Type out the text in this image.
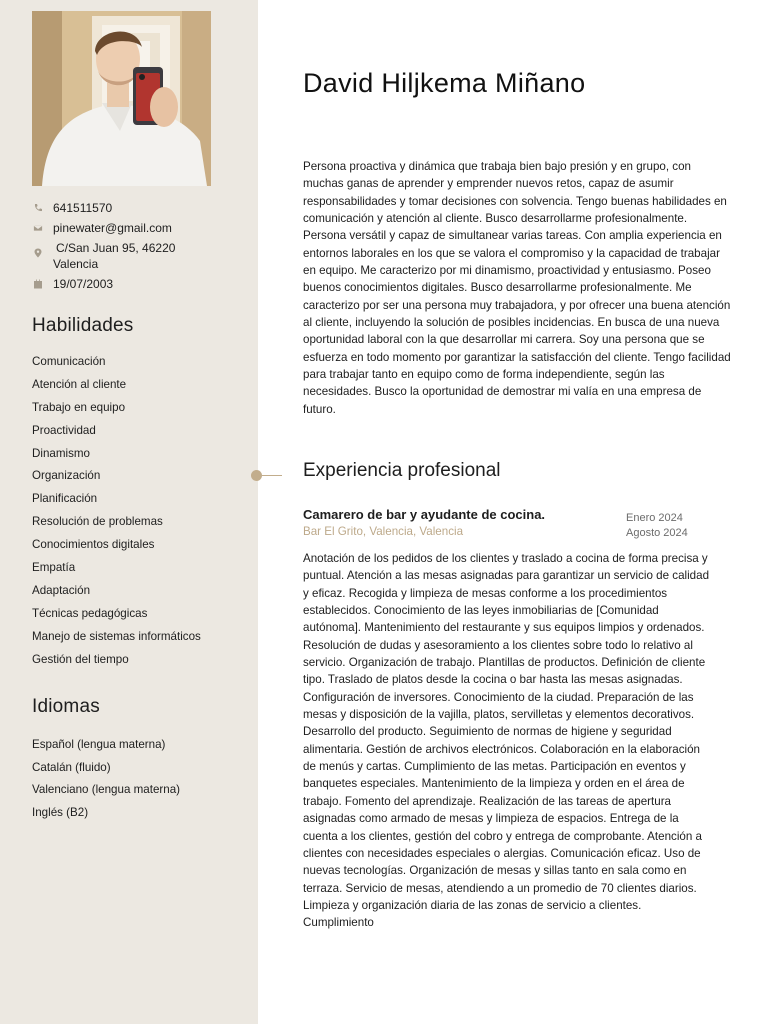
641511570
pinewater@gmail.com
C/San Juan 95, 46220 Valencia
19/07/2003
Habilidades
Comunicación
Atención al cliente
Trabajo en equipo
Proactividad
Dinamismo
Organización
Planificación
Resolución de problemas
Conocimientos digitales
Empatía
Adaptación
Técnicas pedagógicas
Manejo de sistemas informáticos
Gestión del tiempo
Idiomas
Español (lengua materna)
Catalán (fluido)
Valenciano (lengua materna)
Inglés (B2)
David Hiljkema Miñano

Persona proactiva y dinámica que trabaja bien bajo presión y en grupo, con muchas ganas de aprender y emprender nuevos retos, capaz de asumir responsabilidades y tomar decisiones con solvencia. Tengo buenas habilidades en comunicación y atención al cliente. Busco desarrollarme profesionalmente. Persona versátil y capaz de simultanear varias tareas. Con amplia experiencia en entornos laborales en los que se valora el compromiso y la capacidad de trabajar en equipo. Me caracterizo por mi dinamismo, proactividad y entusiasmo. Poseo buenos conocimientos digitales. Busco desarrollarme profesionalmente. Me caracterizo por ser una persona muy trabajadora, y por ofrecer una buena atención al cliente, incluyendo la solución de posibles incidencias. En busca de una nueva oportunidad laboral con la que desarrollar mi carrera. Soy una persona que se esfuerza en todo momento por garantizar la satisfacción del cliente. Tengo facilidad para trabajar tanto en equipo como de forma independiente, según las necesidades. Busco la oportunidad de demostrar mi valía en una empresa de futuro.

Experiencia profesional
Camarero de bar y ayudante de cocina.
Bar El Grito, Valencia, Valencia
Enero 2024
Agosto 2024

Anotación de los pedidos de los clientes y traslado a cocina de forma precisa y puntual. Atención a las mesas asignadas para garantizar un servicio de calidad y eficaz. Recogida y limpieza de mesas conforme a los procedimientos establecidos. Conocimiento de las leyes inmobiliarias de [Comunidad autónoma]. Mantenimiento del restaurante y sus equipos limpios y ordenados. Resolución de dudas y asesoramiento a los clientes sobre todo lo relativo al servicio. Organización de trabajo. Plantillas de productos. Definición de cliente tipo. Traslado de platos desde la cocina o bar hasta las mesas asignadas. Configuración de inversores. Conocimiento de la ciudad. Preparación de las mesas y disposición de la vajilla, platos, servilletas y elementos decorativos. Desarrollo del producto. Seguimiento de normas de higiene y seguridad alimentaria. Gestión de archivos electrónicos. Colaboración en la elaboración de menús y cartas. Cumplimiento de las metas. Participación en eventos y banquetes especiales. Mantenimiento de la limpieza y orden en el área de trabajo. Fomento del aprendizaje. Realización de las tareas de apertura asignadas como armado de mesas y limpieza de espacios. Entrega de la cuenta a los clientes, gestión del cobro y entrega de comprobante. Atención a clientes con necesidades especiales o alergias. Comunicación eficaz. Uso de nuevas tecnologías. Organización de mesas y sillas tanto en sala como en terraza. Servicio de mesas, atendiendo a un promedio de 70 clientes diarios. Limpieza y organización diaria de las zonas de servicio a clientes. Cumplimiento
